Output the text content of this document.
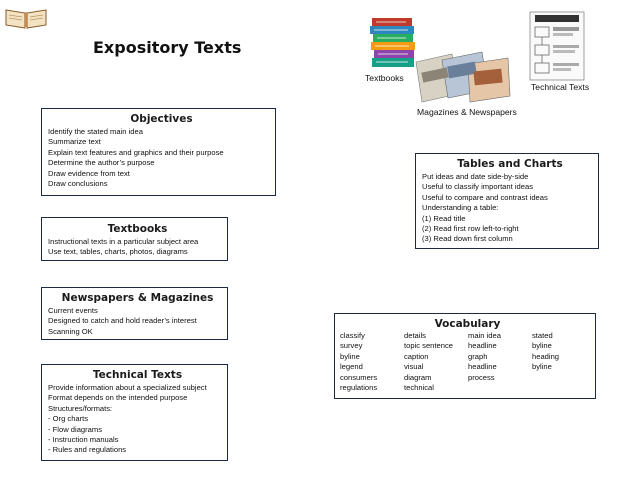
Expository Texts
Textbooks
Magazines & Newspapers
Technical Texts
Objectives
Identify the stated main idea
Summarize text
Explain text features and graphics and their purpose
Determine the author’s purpose
Draw evidence from text
Draw conclusions
Textbooks
Instructional texts in a particular subject area
Use text, tables, charts, photos, diagrams
Newspapers & Magazines
Current events
Designed to catch and hold reader’s interest
Scanning OK
Technical Texts
Provide information about a specialized subject
Format depends on the intended purpose
Structures/formats:
- Org charts
- Flow diagrams
- Instruction manuals
- Rules and regulations
Tables and Charts
Put ideas and date side-by-side
Useful to classify important ideas
Useful to compare and contrast ideas
Understanding a table:
(1) Read title
(2) Read first row left-to-right
(3) Read down first column
Vocabulary
classify
survey
byline
legend
consumers
regulations
details
topic sentence
caption
visual
diagram
technical
main idea
headline
graph
headline
process
stated
byline
heading
byline
